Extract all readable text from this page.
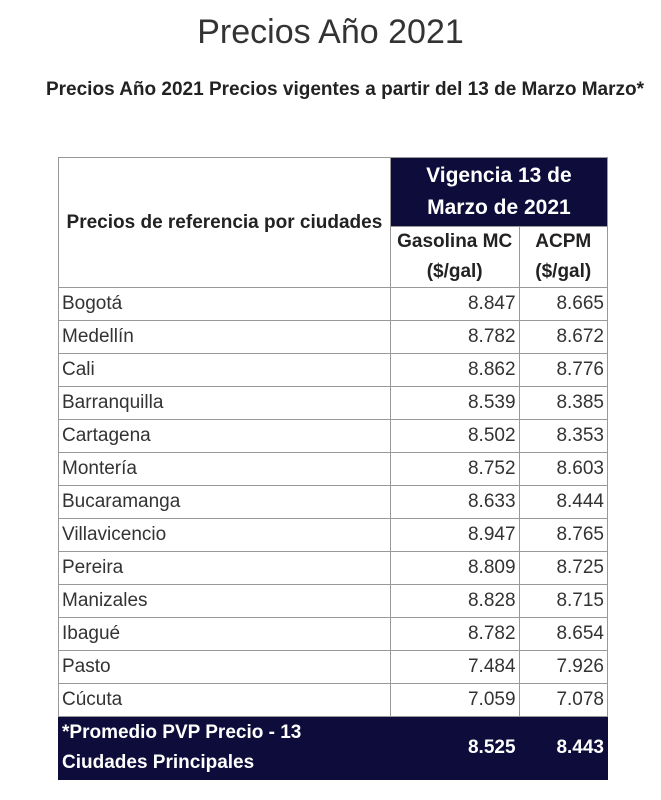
Precios Año 2021

Precios Año 2021 Precios vigentes a partir del 13 de Marzo Marzo*

Precios de referencia por ciudades	Vigencia 13 de Marzo de 2021	
	Gasolina MC ($/gal)	ACPM ($/gal)
Bogotá	8.847	8.665
Medellín	8.782	8.672
Cali	8.862	8.776
Barranquilla	8.539	8.385
Cartagena	8.502	8.353
Montería	8.752	8.603
Bucaramanga	8.633	8.444
Villavicencio	8.947	8.765
Pereira	8.809	8.725
Manizales	8.828	8.715
Ibagué	8.782	8.654
Pasto	7.484	7.926
Cúcuta	7.059	7.078
*Promedio PVP Precio - 13 Ciudades Principales	8.525	8.443
